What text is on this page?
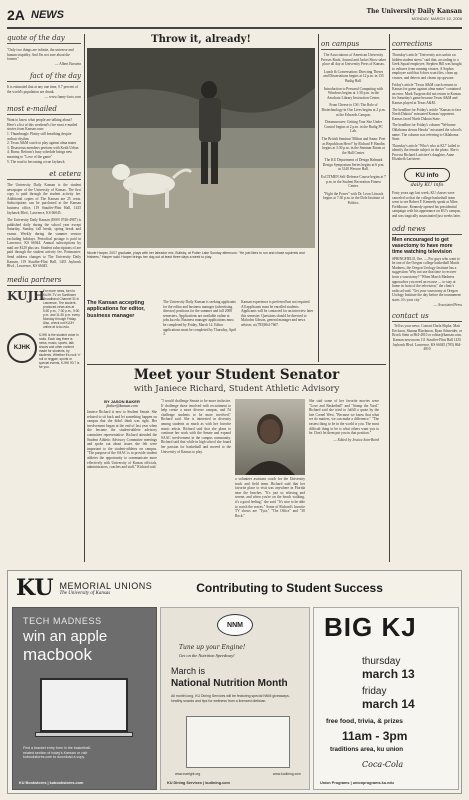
2A NEWS	The University Daily Kansan
MONDAY, MARCH 10, 2008
quote of the day
"Only two things are infinite, the universe and human stupidity. And I'm not sure about the former."
— Albert Einstein
fact of the day
It is estimated that at any one time, 0.7 percent of the world's population are drunk.
— www.funny-facts.com
most e-mailed
Want to know what people are talking about? Here's a list of this weekend's five most e-mailed stories from Kansan.com:
1. Thumbnugh: Plattry still breathing despite archaic rhythm
2. Texas A&M coach to play against alma mater
3. Disastrous members perform with Keith Urban
4. Bursu: Reform's busy schedule brings new meaning to "Love of the game"
5. The road to becoming a true Jayhawk
et cetera
The University Daily Kansan is the student newspaper of the University of Kansas. The first copy is paid through the student activity fee. Additional copies of The Kansan are 25 cents. Subscriptions can be purchased at the Kansan business office, 119 Stauffer-Flint Hall, 1435 Jayhawk Blvd., Lawrence, KS 66045.
The University Daily Kansan (ISSN 0746-4967) is published daily during the school year except Saturday, Sunday, fall break, spring break and exams. Weekly during the summer session excluding holidays. Periodical postage is paid in Lawrence, KS 66044. Annual subscriptions by mail are $120 plus tax. Student subscriptions of are paid through the student activity fee. Postmaster: Send address changes to The University Daily Kansan, 119 Stauffer-Flint Hall, 1435 Jayhawk Blvd., Lawrence, KS 66045.
media partners
KUJH
For more news, turn to KUJH-TV on Sunflower Broadband Channel 31 in Lawrence. The student-produced news airs at 5:30 p.m., 7:30 p.m., 9:30 p.m. and 11:30 p.m. every Monday through Friday. Also, check out KUJH online at tv.ku.edu.
KJHK
KJHK is the student voice in radio. Each day there is news, music, sports, talk shows and other content made for students, by students. Whether it's rock 'n' roll or reggae, sports or special events, KJHK 90.7 is for you.
Throw it, already!
Nicole Harper, 2007 graduate, plays with her labrador mix, Bullsby, at Potter Lake Sunday afternoon. "He just likes to run and chase squirrels and frisbees," Harper said. Harper brings her dog out at least three days a week to play.
The Kansan accepting applications for editor, business manager
The University Daily Kansan is seeking applicants for the editor and business manager (advertising director) positions for the summer and fall 2008 semesters. Applications are available online at jobs.ku.edu. Business manager applications must be completed by Friday, March 14. Editor applications must be completed by Thursday, April 3.
Kansan experience is preferred but not required. All applicants must be enrolled students. Applicants will be contacted for an interview later this semester. Questions should be directed to Malcolm Gibson, general manager and news adviser, at (785)864-7667.
on campus
The Associations of American University Presses Book, Journal and Jacket Show takes place all day at University Press of Kansas.
Lunch & Conversation: Directing Theses and Dissertations begins at 12 p.m. in 135 Budig Hall.
Introduction to Personal Computing with Windows begins at 1:30 p.m. in the Anschutz Library Instruction Center.
From Cheese to CSI: The Role of Biotechnology in Our Lives begins at 2 p.m. at the Edwards Campus.
Dreamweaver: Getting Your Site Under Control begins at 2 p.m. in the Budig PC Lab.
The British Seminar 'Milton and Satan: Poet as Republican Hero?' by Richard P. Handin begins at 3:30 p.m. in the Seminar Room at the Hall Center.
The KU Department of Design Halmark Design Symposium Series begins at 6 p.m. in 3140 Wescoe Hall.
ExCITMEN Self-Defense Course begins at 7 p.m. in the Student Recreation Fitness Center.
"Fight the Power" with Dr. Leon Litwack begins at 7:30 p.m. in the Dole Institute of Politics.
corrections
Thursday's article "University acts unfair on hidden student stress" said that, according to a Geek Squad employee, Stephen Hill was bought to vultures from running viruses. A Sophos employee said that 6 does scan files, clean up viruses, and detects and cleans up spyware.
Friday's article "Texas A&M coach returns to Kansas for game against alma mater" contained an error. Mark Turgeon did not return to Kansas for Saturday's game because Texas A&M and Kansas played at Texas A&M.
The headline for Friday's article "Kansas to face North Dakota" misstated Kansas' opponent. Kansas faced North Dakota State.
The headline for Friday's column "Welcome Oklahoma downs Hawks" misstated the school's name. The column was referring to Oklahoma State.
Thursday's article "Who's who at KU" failed to identify the female subject in the photo. She is Provost Richard Lariviere's daughter, Anne Elizabeth Lariviere.
KU info
daily KU info
Forty years ago last week, KU classes were canceled so that the college basketball team went to see Robert F. Kennedy speak at Allen Fieldhouse. Kennedy opened his presidential campaign with his appearance on KU's campus, and was tragically assassinated just weeks later.
odd news
Men encouraged to get vasectomy to have more time watching television
SPRINGFIELD, Ore. — For guys who want to be one of the Oregon college basketball March Madness, the Oregon Urology Institute has a suggestion: Why not use that time to recover from a vasectomy? "When March Madness approaches you need an excuse — to stay at home in front of the television," the clinic's radio ad said. "Get your vasectomy at Oregon Urology Institute the day before the tournament starts. It's your city."
— Associated Press
contact us
Tell us your news. Contact Darla Slipke, Matt Erickson, Shauna Blackmon, Ryan Schneider, or Brock Stein at 864-4810 or editor@kansan.com. Kansan newsroom 111 Stauffer-Flint Hall 1435 Jayhawk Blvd. Lawrence, KS 66045 (785) 864-4810
Meet your Student Senator
with Janiece Richard, Student Athletic Advisory
BY JASON BAKER
jbaker@kansan.com
Janiece Richard is new to Student Senate. She refused to sit back and let something happen on campus that she didn't think was right. Her involvement began at the end of last year when she became the student-athlete advisory committee representative. Richard attended the Student Athletic Advisory Committee meetings and spoke out about issues she felt were important to the student-athletes on campus. "The purpose of the SAAC is to provide student athletes the opportunity to communicate more effectively with University of Kansas officials, administrators, coaches and staff," Richard said.
"I would challenge Senate to be more inclusive. If challenge those involved with recruitment to help create a more diverse campus, and I'd challenge students to be more involved," Richard said. She is interested in diversity among students as much as with her favorite music artists. Richard said that she plans to continue her work with the Senate and expand SAAC involvement in the campus community. Richard said that while in high school she found her passion for basketball and moved to the University of Kansas to play.
a volunteer assistant coach for the University track and field team. Richard said that her favorite place to visit was anywhere in Florida near the beaches. "It's just so relaxing and serene, and when you're on the beach walking, it's a good feeling," she said. "It's nice to be able to watch the waves." Some of Richard's favorite TV shows are "Tyra," "The Office" and "30 Rock."
She said some of her favorite movies were "Love and Basketball" and "Stomp the Yard." Richard said she tried to fulfill a quote by the late Cornel West, "Because we know that what we do matters, we can make a difference." "The easiest thing to be in the world is you. The most difficult thing to be is what others want you to be. Don't let them put you in that position."
— Edited by Jessica Sain-Baird
KU MEMORIAL UNIONS
The University of Kansas	Contributing to Student Success
TECH MADNESS
win an apple
macbook
Find a bracket entry form in the basketball-related section of today's Kansan or visit kubookstores.com to download a copy.
KU Bookstores | kubookstores.com
NNM
Tune up your Engine!
Get on the Nutrition Speedway!
March is
National Nutrition Month
All month long, KU Dining Services will be featuring special NNM giveaways, healthy snacks and tips for wellness from a licensed dietician.
www.eatright.org	www.kudining.com
KU Dining Services | kudining.com
BIG KJ
thursday
march 13
friday
march 14
free food, trivia, & prizes
11am - 3pm
traditions area, ku union
Coca-Cola
Union Programs | unionprograms.ku.edu
